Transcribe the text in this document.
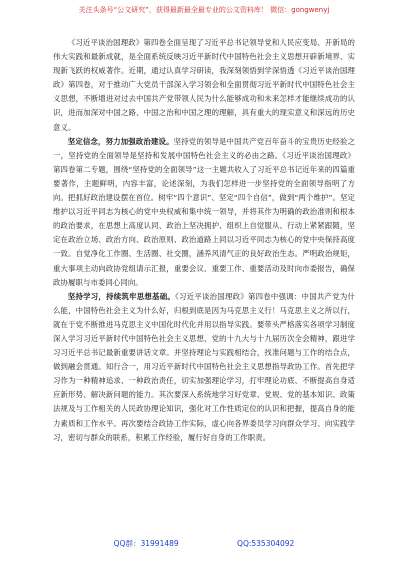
关注头条号“公文研究”，获得最新最全最专业的公文资料库！ 微信：gongwenyj

《习近平谈治国理政》第四卷全面呈现了习近平总书记领导党和人民应变局、开新局的伟大实践和最新成就，是全面系统反映习近平新时代中国特色社会主义思想开辟新境界、实现新飞跃的权威著作。近期，通过认真学习研读，我深刻领悟到学深悟透《习近平谈治国理政》第四卷，对于推动广大党员干部深入学习领会和全面贯彻习近平新时代中国特色社会主义思想，不断增进对过去中国共产党带领人民为什么能够成功和未来怎样才能继续成功的认识，进而加深对中国之路、中国之治和中国之理的理解，具有重大的现实意义和深远的历史意义。

坚定信念，努力加强政治建设。坚持党的领导是中国共产党百年奋斗的宝贵历史经验之一，坚持党的全面领导是坚持和发展中国特色社会主义的必由之路。《习近平谈治国理政》第四卷第二专题，围绕“坚持党的全面领导”这一主题共收入了习近平总书记近年来的四篇重要著作，主题鲜明，内容丰富，论述深刻，为我们怎样进一步坚持党的全面领导指明了方向。把抓好政治建设摆在首位。树牢“四个意识”、坚定“四个自信”，做到“两个维护”。坚定维护以习近平同志为核心的党中央权威和集中统一领导，并将其作为明确的政治准则和根本的政治要求，在思想上高度认同、政治上坚决拥护、组织上自觉服从、行动上紧紧跟随，坚定在政治立场、政治方向、政治原则、政治道路上同以习近平同志为核心的党中央保持高度一致。自觉净化工作圈、生活圈、社交圈，涵养风清气正的良好政治生态。严明政治规矩，重大事项主动向政协党组请示汇报，重要会议、重要工作、重要活动及时向市委报告，确保政协履职与市委同心同向。

坚持学习，持续筑牢思想基础。《习近平谈治国理政》第四卷中强调：中国共产党为什么能，中国特色社会主义为什么好，归根到底是因为马克思主义行！马克思主义之所以行，就在于党不断推进马克思主义中国化时代化并用以指导实践。要带头严格落实各项学习制度深入学习习近平新时代中国特色社会主义思想、党的十九大与十九届历次全会精神，跟进学习习近平总书记最新重要讲话文章。并坚持理论与实践相结合，找准问题与工作的结合点，做到融会贯通。知行合一，用习近平新时代中国特色社会主义思想指导政协工作。首先把学习作为一种精神追求、一种政治责任，切实加强理论学习，打牢理论功底、不断提高自身适应新形势、解决新问题的能力。其次要深入系统地学习好党章、党规、党的基本知识、政策法规及与工作相关的人民政协理论知识，强化对工作性质定位的认识和把握，提高自身的能力素质和工作水平。再次要结合政协工作实际，虚心向各界委员学习向群众学习、向实践学习，密切与群众的联系，积累工作经验，履行好自身的工作职责。

QQ群：31991489	QQ:535304092
